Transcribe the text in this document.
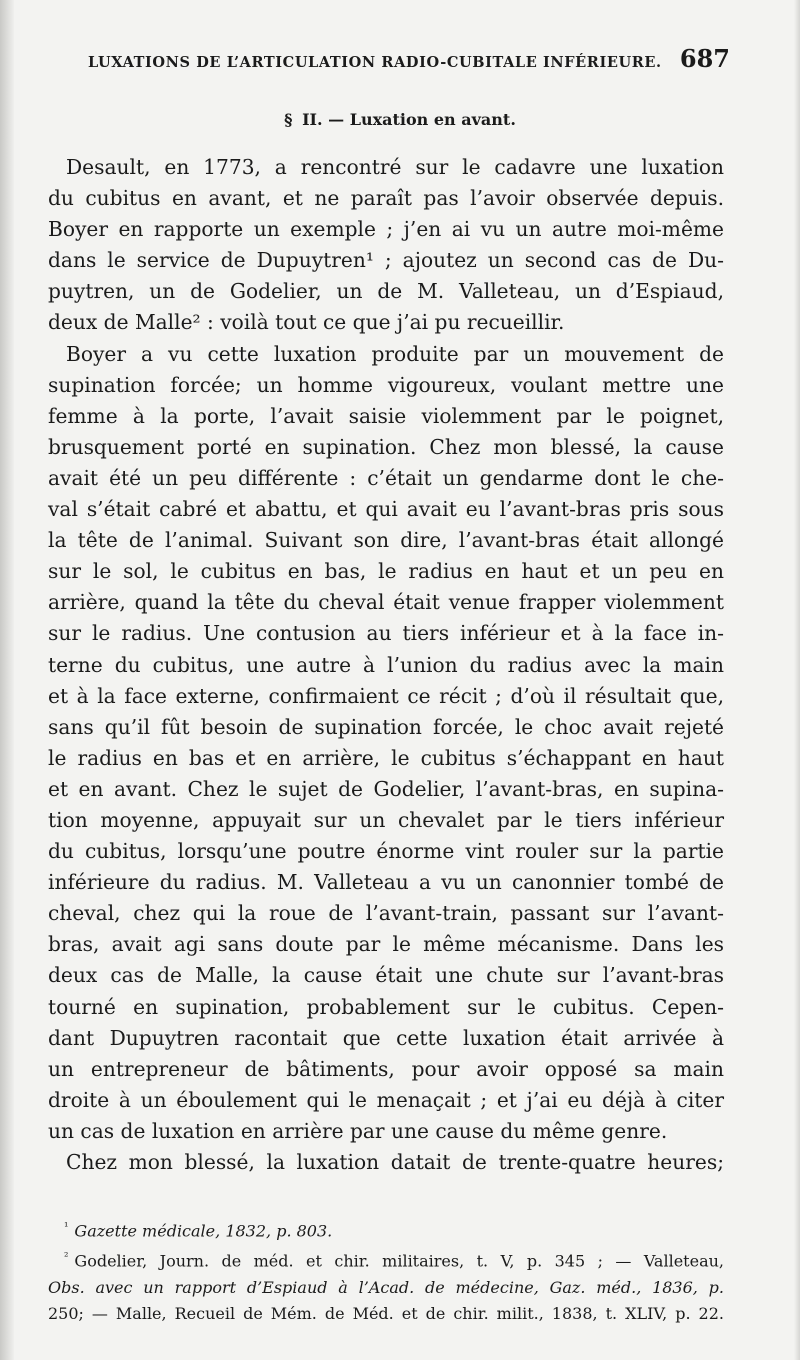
LUXATIONS DE L’ARTICULATION RADIO-CUBITALE INFÉRIEURE. 687
§ II. — Luxation en avant.
Desault, en 1773, a rencontré sur le cadavre une luxation
du cubitus en avant, et ne paraît pas l’avoir observée depuis.
Boyer en rapporte un exemple ; j’en ai vu un autre moi-même
dans le service de Dupuytren¹ ; ajoutez un second cas de Du-
puytren, un de Godelier, un de M. Valleteau, un d’Espiaud,
deux de Malle² : voilà tout ce que j’ai pu recueillir.
Boyer a vu cette luxation produite par un mouvement de
supination forcée; un homme vigoureux, voulant mettre une
femme à la porte, l’avait saisie violemment par le poignet,
brusquement porté en supination. Chez mon blessé, la cause
avait été un peu différente : c’était un gendarme dont le che-
val s’était cabré et abattu, et qui avait eu l’avant-bras pris sous
la tête de l’animal. Suivant son dire, l’avant-bras était allongé
sur le sol, le cubitus en bas, le radius en haut et un peu en
arrière, quand la tête du cheval était venue frapper violemment
sur le radius. Une contusion au tiers inférieur et à la face in-
terne du cubitus, une autre à l’union du radius avec la main
et à la face externe, confirmaient ce récit ; d’où il résultait que,
sans qu’il fût besoin de supination forcée, le choc avait rejeté
le radius en bas et en arrière, le cubitus s’échappant en haut
et en avant. Chez le sujet de Godelier, l’avant-bras, en supina-
tion moyenne, appuyait sur un chevalet par le tiers inférieur
du cubitus, lorsqu’une poutre énorme vint rouler sur la partie
inférieure du radius. M. Valleteau a vu un canonnier tombé de
cheval, chez qui la roue de l’avant-train, passant sur l’avant-
bras, avait agi sans doute par le même mécanisme. Dans les
deux cas de Malle, la cause était une chute sur l’avant-bras
tourné en supination, probablement sur le cubitus. Cepen-
dant Dupuytren racontait que cette luxation était arrivée à
un entrepreneur de bâtiments, pour avoir opposé sa main
droite à un éboulement qui le menaçait ; et j’ai eu déjà à citer
un cas de luxation en arrière par une cause du même genre.
Chez mon blessé, la luxation datait de trente-quatre heures;
$^{^1}$ Gazette médicale, 1832, p. 803.
$^{^2}$ Godelier, Journ. de méd. et chir. militaires, t. V, p. 345 ; — Valleteau,
Obs. avec un rapport d’Espiaud à l’Acad. de médecine, Gaz. méd., 1836, p.
250; — Malle, Recueil de Mém. de Méd. et de chir. milit., 1838, t. XLIV, p. 22.
